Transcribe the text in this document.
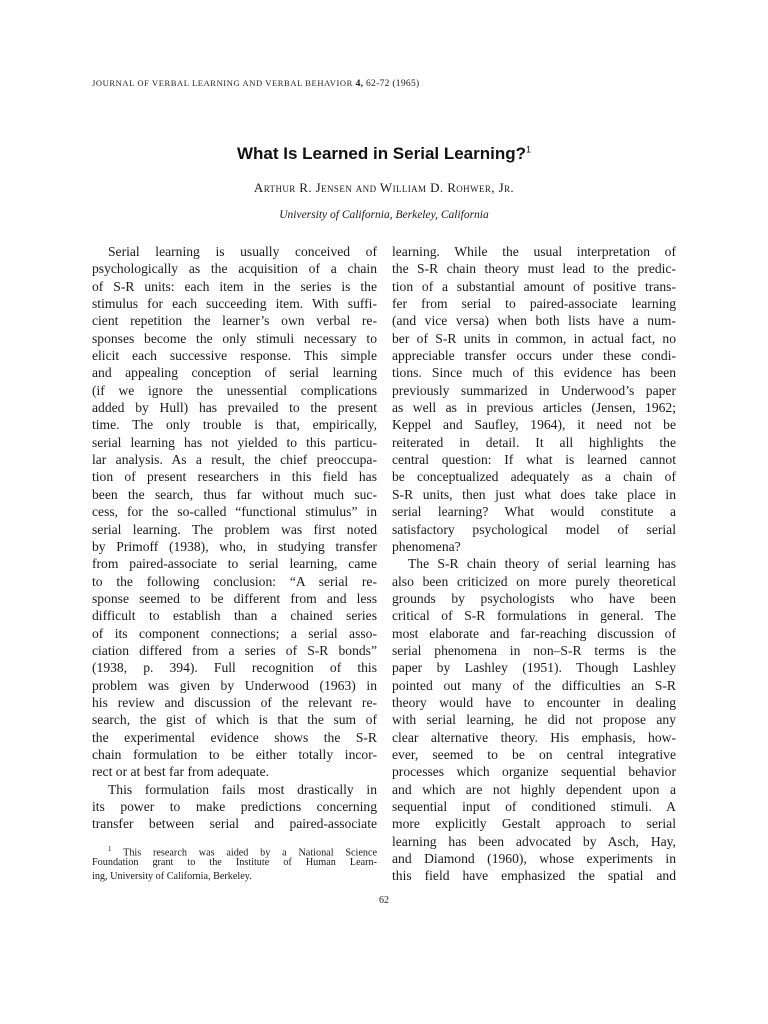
JOURNAL OF VERBAL LEARNING AND VERBAL BEHAVIOR 4, 62-72 (1965)
What Is Learned in Serial Learning?$^1$
Arthur R. Jensen and William D. Rohwer, Jr.
University of California, Berkeley, California
Serial learning is usually conceived of
psychologically as the acquisition of a chain
of S-R units: each item in the series is the
stimulus for each succeeding item. With suffi-
cient repetition the learner’s own verbal re-
sponses become the only stimuli necessary to
elicit each successive response. This simple
and appealing conception of serial learning
(if we ignore the unessential complications
added by Hull) has prevailed to the present
time. The only trouble is that, empirically,
serial learning has not yielded to this particu-
lar analysis. As a result, the chief preoccupa-
tion of present researchers in this field has
been the search, thus far without much suc-
cess, for the so-called “functional stimulus” in
serial learning. The problem was first noted
by Primoff (1938), who, in studying transfer
from paired-associate to serial learning, came
to the following conclusion: “A serial re-
sponse seemed to be different from and less
difficult to establish than a chained series
of its component connections; a serial asso-
ciation differed from a series of S-R bonds”
(1938, p. 394). Full recognition of this
problem was given by Underwood (1963) in
his review and discussion of the relevant re-
search, the gist of which is that the sum of
the experimental evidence shows the S-R
chain formulation to be either totally incor-
rect or at best far from adequate.
This formulation fails most drastically in
its power to make predictions concerning
transfer between serial and paired-associate
learning. While the usual interpretation of
the S-R chain theory must lead to the predic-
tion of a substantial amount of positive trans-
fer from serial to paired-associate learning
(and vice versa) when both lists have a num-
ber of S-R units in common, in actual fact, no
appreciable transfer occurs under these condi-
tions. Since much of this evidence has been
previously summarized in Underwood’s paper
as well as in previous articles (Jensen, 1962;
Keppel and Saufley, 1964), it need not be
reiterated in detail. It all highlights the
central question: If what is learned cannot
be conceptualized adequately as a chain of
S-R units, then just what does take place in
serial learning? What would constitute a
satisfactory psychological model of serial
phenomena?
The S-R chain theory of serial learning has
also been criticized on more purely theoretical
grounds by psychologists who have been
critical of S-R formulations in general. The
most elaborate and far-reaching discussion of
serial phenomena in non–S-R terms is the
paper by Lashley (1951). Though Lashley
pointed out many of the difficulties an S-R
theory would have to encounter in dealing
with serial learning, he did not propose any
clear alternative theory. His emphasis, how-
ever, seemed to be on central integrative
processes which organize sequential behavior
and which are not highly dependent upon a
sequential input of conditioned stimuli. A
more explicitly Gestalt approach to serial
learning has been advocated by Asch, Hay,
and Diamond (1960), whose experiments in
this field have emphasized the spatial and
$^1$ This research was aided by a National Science
Foundation grant to the Institute of Human Learn-
ing, University of California, Berkeley.
62
